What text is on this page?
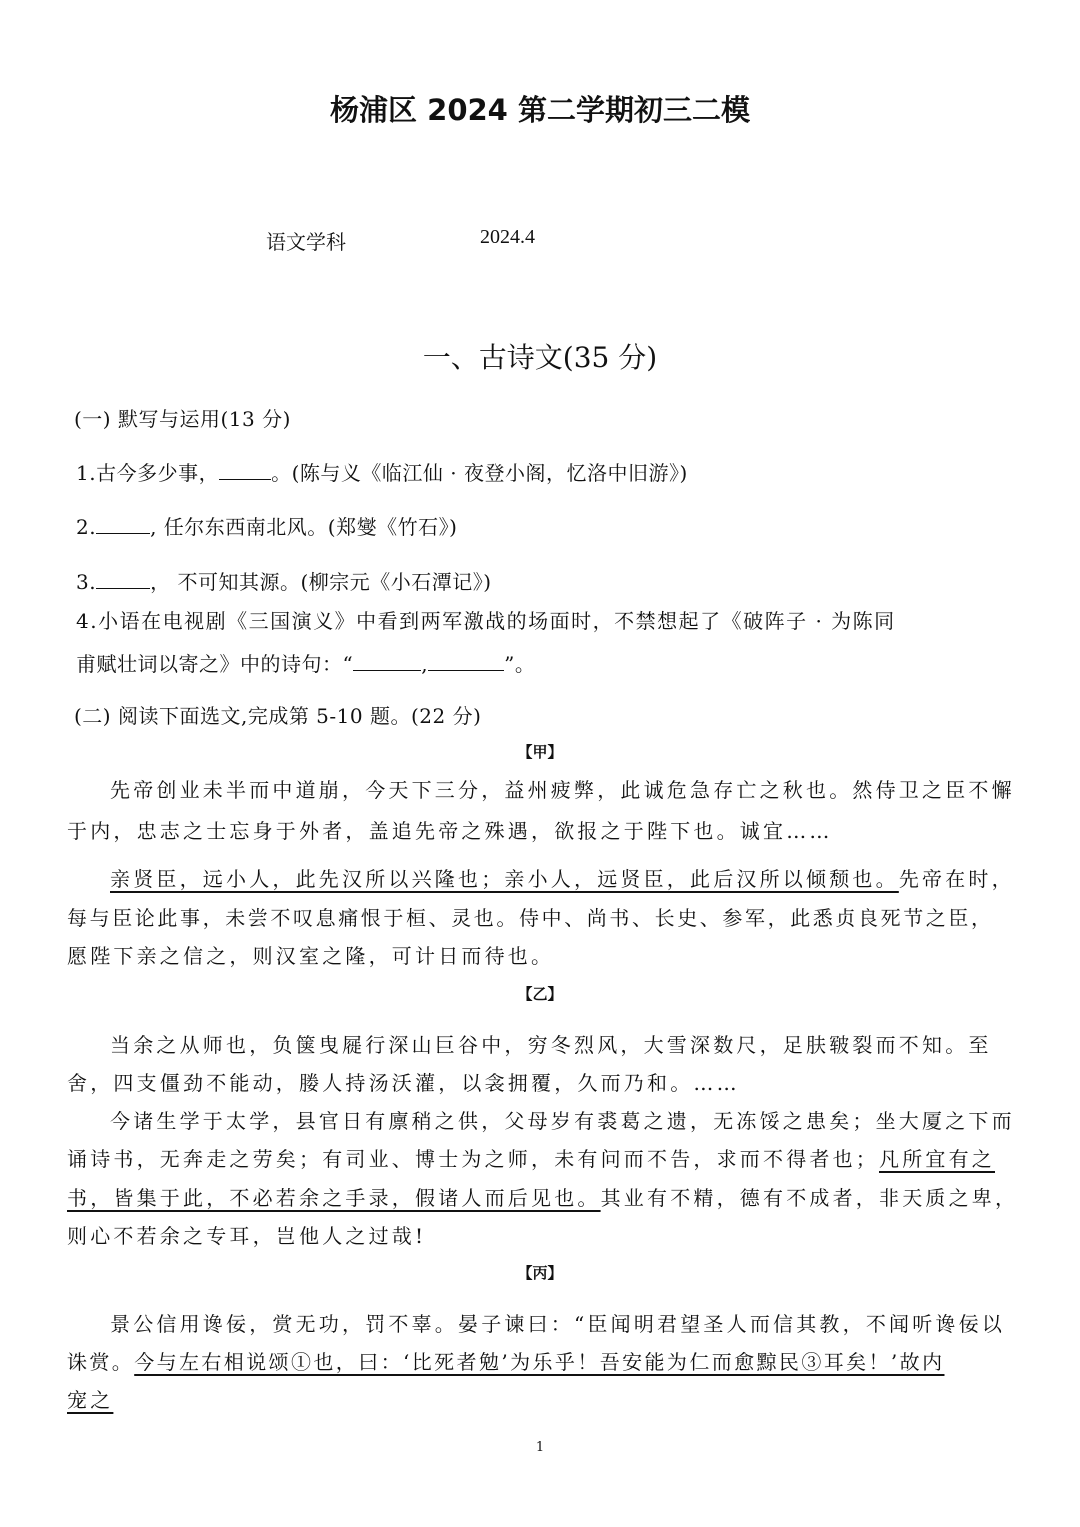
杨浦区 2024 第二学期初三二模
语文学科	2024.4
一、古诗文(35 分)
(一) 默写与运用(13 分)
1.古今多少事，	。(陈与义《临江仙 · 夜登小阁，忆洛中旧游》)
2.	, 任尔东西南北风。(郑燮《竹石》)
3.	， 不可知其源。(柳宗元《小石潭记》)
4.小语在电视剧《三国演义》中看到两军激战的场面时，不禁想起了《破阵子 · 为陈同
甫赋壮词以寄之》中的诗句：“	,	”。
(二) 阅读下面选文,完成第 5-10 题。(22 分)
【甲】
先帝创业未半而中道崩，今天下三分，益州疲弊，此诚危急存亡之秋也。然侍卫之臣不懈
于内，忠志之士忘身于外者，盖追先帝之殊遇，欲报之于陛下也。诚宜……
亲贤臣，远小人，此先汉所以兴隆也；亲小人，远贤臣，此后汉所以倾颓也。先帝在时，
每与臣论此事，未尝不叹息痛恨于桓、灵也。侍中、尚书、长史、参军，此悉贞良死节之臣，
愿陛下亲之信之，则汉室之隆，可计日而待也。
【乙】
当余之从师也，负箧曳屣行深山巨谷中，穷冬烈风，大雪深数尺，足肤皲裂而不知。至
舍，四支僵劲不能动，媵人持汤沃灌，以衾拥覆，久而乃和。……
今诸生学于太学，县官日有廪稍之供，父母岁有裘葛之遗，无冻馁之患矣；坐大厦之下而
诵诗书，无奔走之劳矣；有司业、博士为之师，未有问而不告，求而不得者也；凡所宜有之
书，皆集于此，不必若余之手录，假诸人而后见也。其业有不精，德有不成者，非天质之卑，
则心不若余之专耳，岂他人之过哉!
【丙】
景公信用谗佞，赏无功，罚不辜。晏子谏曰：“臣闻明君望圣人而信其教，不闻听谗佞以
诛赏。今与左右相说颂①也，曰：‘比死者勉’为乐乎！吾安能为仁而愈黥民③耳矣！’故内
宠之
1
